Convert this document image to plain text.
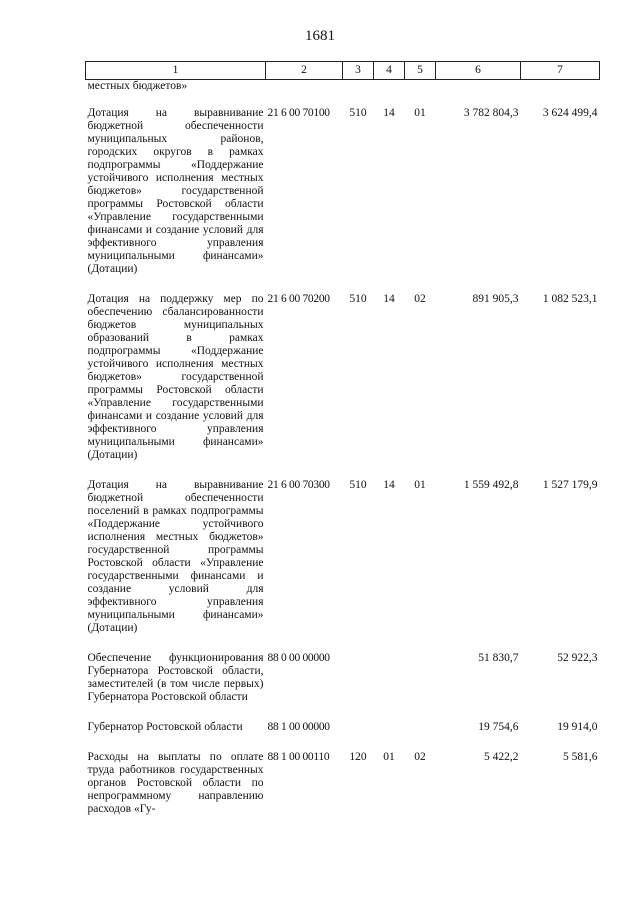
1681
1	2	3	4	5	6	7
местных бюджетов»						
Дотация на выравнивание бюджетной обеспеченности муниципальных районов, городских округов в рамках подпрограммы «Поддержание устойчивого исполнения местных бюджетов» государственной программы Ростовской области «Управление государственными финансами и создание условий для эффективного управления муниципальными финансами» (Дотации)	21 6 00 70100	510	14	01	3 782 804,3	3 624 499,4
Дотация на поддержку мер по обеспечению сбалансированности бюджетов муниципальных образований в рамках подпрограммы «Поддержание устойчивого исполнения местных бюджетов» государственной программы Ростовской области «Управление государственными финансами и создание условий для эффективного управления муниципальными финансами» (Дотации)	21 6 00 70200	510	14	02	891 905,3	1 082 523,1
Дотация на выравнивание бюджетной обеспеченности поселений в рамках подпрограммы «Поддержание устойчивого исполнения местных бюджетов» государственной программы Ростовской области «Управление государственными финансами и создание условий для эффективного управления муниципальными финансами» (Дотации)	21 6 00 70300	510	14	01	1 559 492,8	1 527 179,9
Обеспечение функционирования Губернатора Ростовской области, заместителей (в том числе первых) Губернатора Ростовской области	88 0 00 00000				51 830,7	52 922,3
Губернатор Ростовской области	88 1 00 00000				19 754,6	19 914,0
Расходы на выплаты по оплате труда работников государственных органов Ростовской области по непрограммному направлению расходов «Гу-	88 1 00 00110	120	01	02	5 422,2	5 581,6
